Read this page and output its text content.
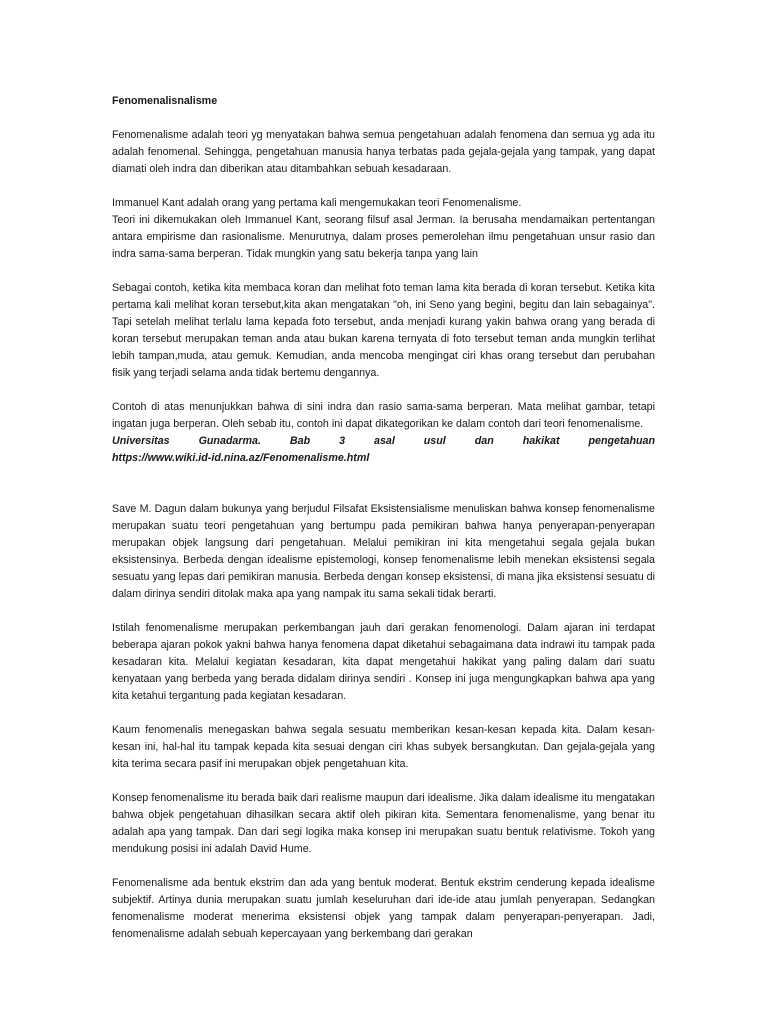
Fenomenalisnalisme

Fenomenalisme adalah teori yg menyatakan bahwa semua pengetahuan adalah fenomena dan semua yg ada itu adalah fenomenal. Sehingga, pengetahuan manusia hanya terbatas pada gejala-gejala yang tampak, yang dapat diamati oleh indra dan diberikan atau ditambahkan sebuah kesadaraan.

Immanuel Kant adalah orang yang pertama kali mengemukakan teori Fenomenalisme.
Teori ini dikemukakan oleh Immanuel Kant, seorang filsuf asal Jerman. Ia berusaha mendamaikan pertentangan antara empirisme dan rasionalisme. Menurutnya, dalam proses pemerolehan ilmu pengetahuan unsur rasio dan indra sama-sama berperan. Tidak mungkin yang satu bekerja tanpa yang lain

Sebagai contoh, ketika kita membaca koran dan melihat foto teman lama kita berada di koran tersebut. Ketika kita pertama kali melihat koran tersebut,kita akan mengatakan "oh, ini Seno yang begini, begitu dan lain sebagainya". Tapi setelah melihat terlalu lama kepada foto tersebut, anda menjadi kurang yakin bahwa orang yang berada di koran tersebut merupakan teman anda atau bukan karena ternyata di foto tersebut teman anda mungkin terlihat lebih tampan,muda, atau gemuk. Kemudian, anda mencoba mengingat ciri khas orang tersebut dan perubahan fisik yang terjadi selama anda tidak bertemu dengannya.

Contoh di atas menunjukkan bahwa di sini indra dan rasio sama-sama berperan. Mata melihat gambar, tetapi ingatan juga berperan. Oleh sebab itu, contoh ini dapat dikategorikan ke dalam contoh dari teori fenomenalisme.

Universitas Gunadarma. Bab 3 asal usul dan hakikat pengetahuan
https://www.wiki.id-id.nina.az/Fenomenalisme.html

Save M. Dagun dalam bukunya yang berjudul Filsafat Eksistensialisme menuliskan bahwa konsep fenomenalisme merupakan suatu teori pengetahuan yang bertumpu pada pemikiran bahwa hanya penyerapan-penyerapan merupakan objek langsung dari pengetahuan. Melalui pemikiran ini kita mengetahui segala gejala bukan eksistensinya. Berbeda dengan idealisme epistemologi, konsep fenomenalisme lebih menekan eksistensi segala sesuatu yang lepas dari pemikiran manusia. Berbeda dengan konsep eksistensi, di mana jika eksistensi sesuatu di dalam dirinya sendiri ditolak maka apa yang nampak itu sama sekali tidak berarti.

Istilah fenomenalisme merupakan perkembangan jauh dari gerakan fenomenologi. Dalam ajaran ini terdapat beberapa ajaran pokok yakni bahwa hanya fenomena dapat diketahui sebagaimana data indrawi itu tampak pada kesadaran kita. Melalui kegiatan kesadaran, kita dapat mengetahui hakikat yang paling dalam dari suatu kenyataan yang berbeda yang berada didalam dirinya sendiri . Konsep ini juga mengungkapkan bahwa apa yang kita ketahui tergantung pada kegiatan kesadaran.

Kaum fenomenalis menegaskan bahwa segala sesuatu memberikan kesan-kesan kepada kita. Dalam kesan-kesan ini, hal-hal itu tampak kepada kita sesuai dengan ciri khas subyek bersangkutan. Dan gejala-gejala yang kita terima secara pasif ini merupakan objek pengetahuan kita.

Konsep fenomenalisme itu berada baik dari realisme maupun dari idealisme. Jika dalam idealisme itu mengatakan bahwa objek pengetahuan dihasilkan secara aktif oleh pikiran kita. Sementara fenomenalisme, yang benar itu adalah apa yang tampak. Dan dari segi logika maka konsep ini merupakan suatu bentuk relativisme. Tokoh yang mendukung posisi ini adalah David Hume.

Fenomenalisme ada bentuk ekstrim dan ada yang bentuk moderat. Bentuk ekstrim cenderung kepada idealisme subjektif. Artinya dunia merupakan suatu jumlah keseluruhan dari ide-ide atau jumlah penyerapan. Sedangkan fenomenalisme moderat menerima eksistensi objek yang tampak dalam penyerapan-penyerapan. Jadi, fenomenalisme adalah sebuah kepercayaan yang berkembang dari gerakan
